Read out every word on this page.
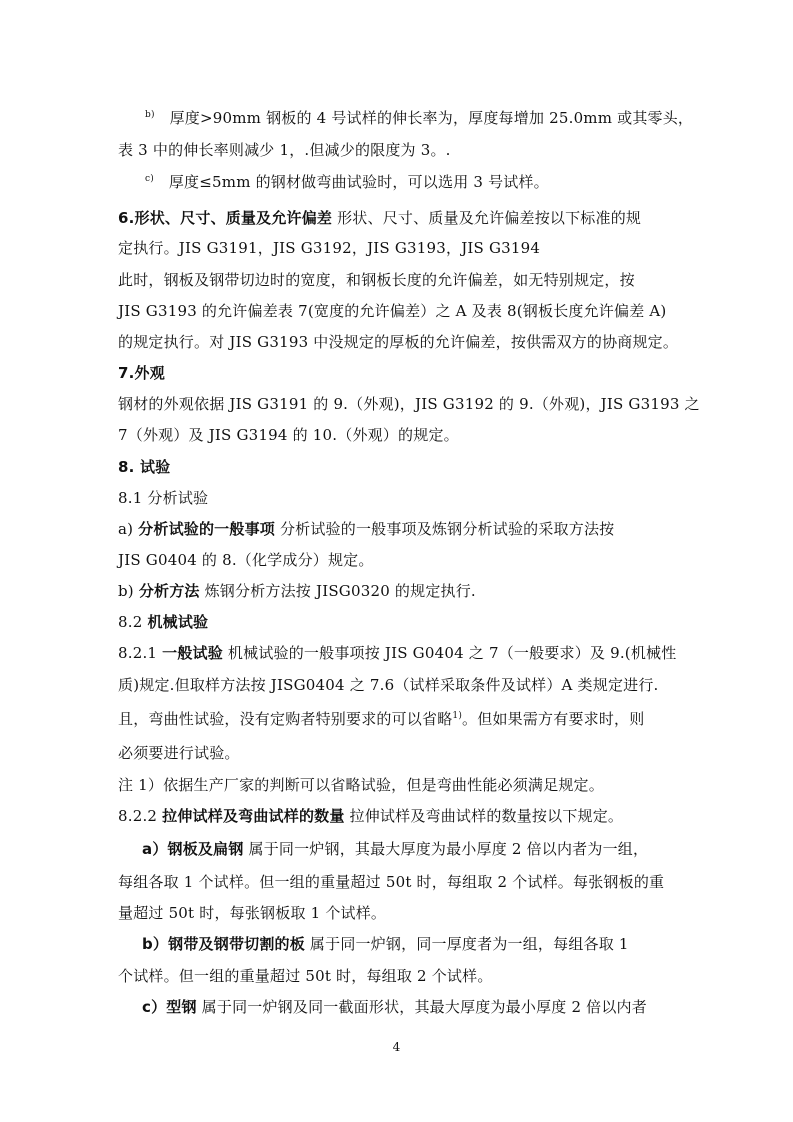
$^{b)}$ 厚度>90mm 钢板的 4 号试样的伸长率为，厚度每增加 25.0mm 或其零头，
表 3 中的伸长率则减少 1，.但减少的限度为 3。.
$^{c)}$ 厚度≤5mm 的钢材做弯曲试验时，可以选用 3 号试样。
6.形状、尺寸、质量及允许偏差 形状、尺寸、质量及允许偏差按以下标准的规
定执行。JIS G3191，JIS G3192，JIS G3193，JIS G3194
此时，钢板及钢带切边时的宽度，和钢板长度的允许偏差，如无特别规定，按
JIS G3193 的允许偏差表 7(宽度的允许偏差）之 A 及表 8(钢板长度允许偏差 A)
的规定执行。对 JIS G3193 中没规定的厚板的允许偏差，按供需双方的协商规定。
7.外观
钢材的外观依据 JIS G3191 的 9.（外观)，JIS G3192 的 9.（外观)，JIS G3193 之
7（外观）及 JIS G3194 的 10.（外观）的规定。
8. 试验
8.1 分析试验
a) 分析试验的一般事项 分析试验的一般事项及炼钢分析试验的采取方法按
JIS G0404 的 8.（化学成分）规定。
b) 分析方法 炼钢分析方法按 JISG0320 的规定执行.
8.2 机械试验
8.2.1 一般试验 机械试验的一般事项按 JIS G0404 之 7（一般要求）及 9.(机械性
质)规定.但取样方法按 JISG0404 之 7.6（试样采取条件及试样）A 类规定进行.
且，弯曲性试验，没有定购者特别要求的可以省略$^{1)}$。但如果需方有要求时，则
必须要进行试验。
注 1）依据生产厂家的判断可以省略试验，但是弯曲性能必须满足规定。
8.2.2 拉伸试样及弯曲试样的数量 拉伸试样及弯曲试样的数量按以下规定。
a）钢板及扁钢 属于同一炉钢，其最大厚度为最小厚度 2 倍以内者为一组，
每组各取 1 个试样。但一组的重量超过 50t 时，每组取 2 个试样。每张钢板的重
量超过 50t 时，每张钢板取 1 个试样。
b）钢带及钢带切割的板 属于同一炉钢，同一厚度者为一组，每组各取 1
个试样。但一组的重量超过 50t 时，每组取 2 个试样。
c）型钢 属于同一炉钢及同一截面形状，其最大厚度为最小厚度 2 倍以内者
4
